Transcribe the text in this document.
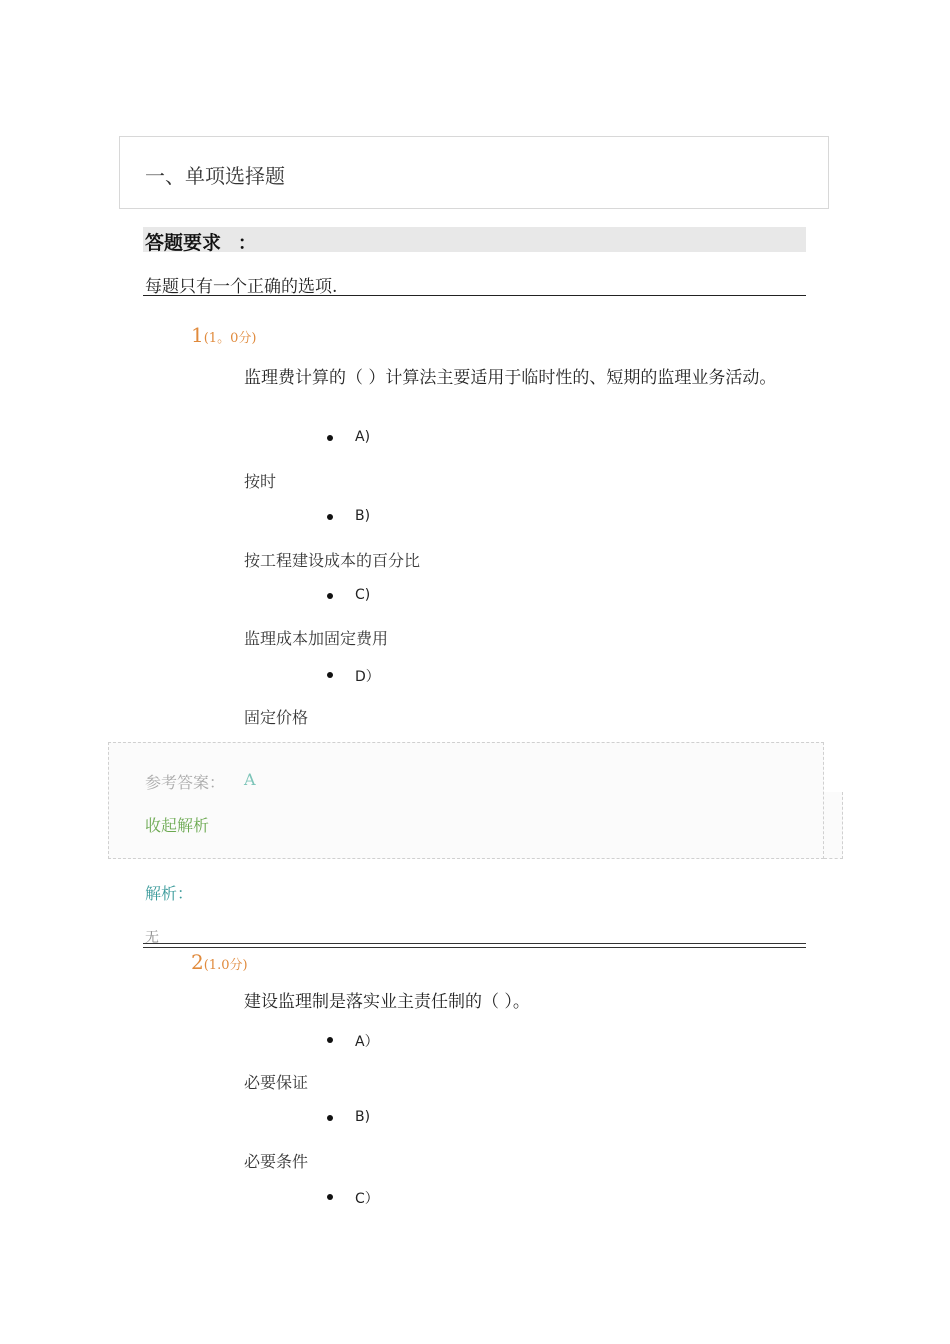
一、单项选择题
答题要求 ：
每题只有一个正确的选项.
1(1。0分)
监理费计算的（ ）计算法主要适用于临时性的、短期的监理业务活动。
A)
按时
B)
按工程建设成本的百分比
C)
监理成本加固定费用
D）
固定价格
参考答案： A
收起解析
解析：
无
2(1.0分)
建设监理制是落实业主责任制的（ ）。
A）
必要保证
B)
必要条件
C）
